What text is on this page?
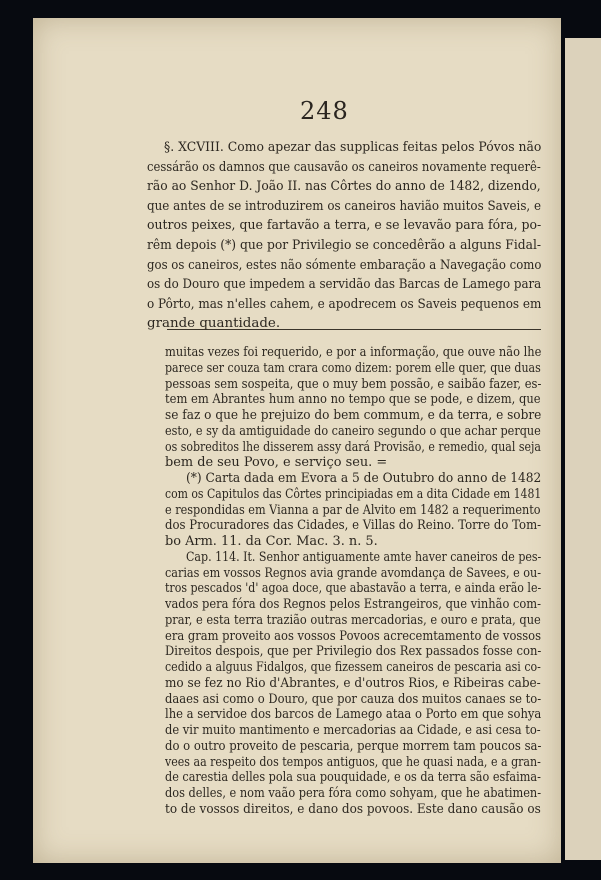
248
§. XCVIII. Como apezar das supplicas feitas pelos Póvos não
cessárão os damnos que causavão os caneiros novamente requerê-
rão ao Senhor D. João II. nas Côrtes do anno de 1482, dizendo,
que antes de se introduzirem os caneiros havião muitos Saveis, e
outros peixes, que fartavão a terra, e se levavão para fóra, po-
rêm depois (*) que por Privilegio se concedêrão a alguns Fidal-
gos os caneiros, estes não sómente embaração a Navegação como
os do Douro que impedem a servidão das Barcas de Lamego para
o Pôrto, mas n'elles cahem, e apodrecem os Saveis pequenos em
grande quantidade.
muitas vezes foi requerido, e por a informação, que ouve não lhe
parece ser couza tam crara como dizem: porem elle quer, que duas
pessoas sem sospeita, que o muy bem possão, e saibão fazer, es-
tem em Abrantes hum anno no tempo que se pode, e dizem, que
se faz o que he prejuizo do bem commum, e da terra, e sobre
esto, e sy da amtiguidade do caneiro segundo o que achar perque
os sobreditos lhe disserem assy dará Provisão, e remedio, qual seja
bem de seu Povo, e serviço seu. =
(*) Carta dada em Evora a 5 de Outubro do anno de 1482
com os Capitulos das Côrtes principiadas em a dita Cidade em 1481
e respondidas em Vianna a par de Alvito em 1482 a requerimento
dos Procuradores das Cidades, e Villas do Reino. Torre do Tom-
bo Arm. 11. da Cor. Mac. 3. n. 5.
Cap. 114. It. Senhor antiguamente amte haver caneiros de pes-
carias em vossos Regnos avia grande avomdança de Savees, e ou-
tros pescados 'd' agoa doce, que abastavão a terra, e ainda erão le-
vados pera fóra dos Regnos pelos Estrangeiros, que vinhão com-
prar, e esta terra trazião outras mercadorias, e ouro e prata, que
era gram proveito aos vossos Povoos acrecemtamento de vossos
Direitos despois, que per Privilegio dos Rex passados fosse con-
cedido a alguus Fidalgos, que fizessem caneiros de pescaria asi co-
mo se fez no Rio d'Abrantes, e d'outros Rios, e Ribeiras cabe-
daaes asi como o Douro, que por cauza dos muitos canaes se to-
lhe a servidoe dos barcos de Lamego ataa o Porto em que sohya
de vir muito mantimento e mercadorias aa Cidade, e asi cesa to-
do o outro proveito de pescaria, perque morrem tam poucos sa-
vees aa respeito dos tempos antiguos, que he quasi nada, e a gran-
de carestia delles pola sua pouquidade, e os da terra são esfaima-
dos delles, e nom vaão pera fóra como sohyam, que he abatimen-
to de vossos direitos, e dano dos povoos. Este dano causão os
